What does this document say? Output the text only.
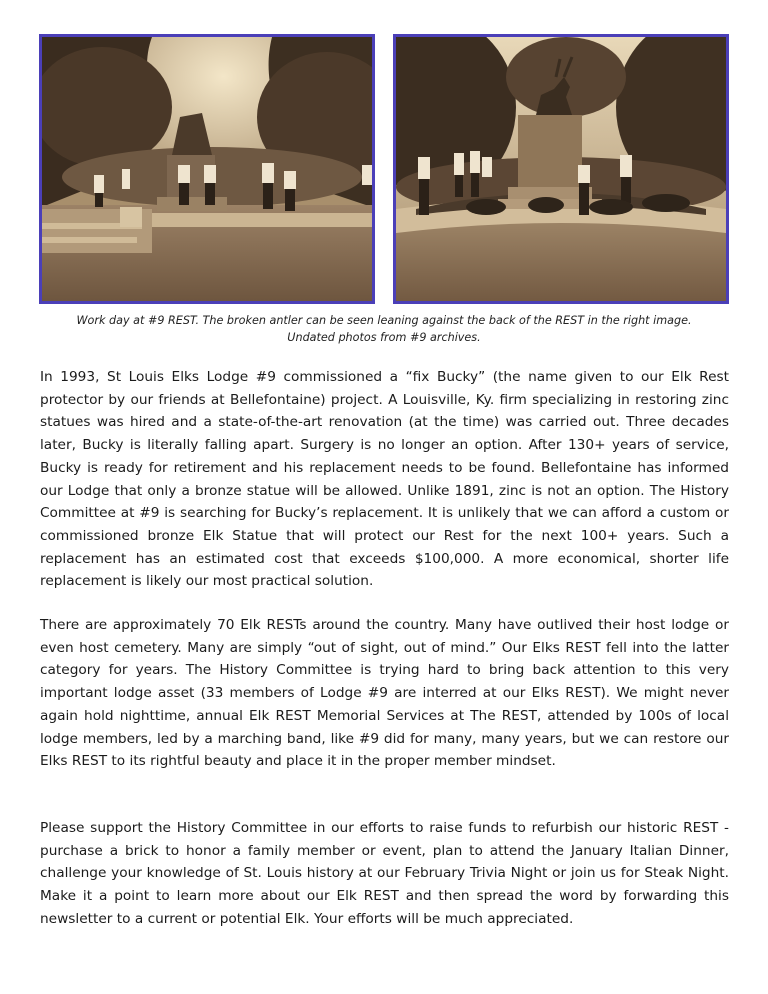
Work day at #9 REST. The broken antler can be seen leaning against the back of the REST in the right image.
Undated photos from #9 archives.

In 1993, St Louis Elks Lodge #9 commissioned a “fix Bucky” (the name given to our Elk Rest protector by our friends at Bellefontaine) project. A Louisville, Ky. firm specializing in restoring zinc statues was hired and a state-of-the-art renovation (at the time) was carried out. Three decades later, Bucky is literally falling apart. Surgery is no longer an option. After 130+ years of service, Bucky is ready for retirement and his replacement needs to be found. Bellefontaine has informed our Lodge that only a bronze statue will be allowed. Unlike 1891, zinc is not an option. The History Committee at #9 is searching for Bucky’s replacement. It is unlikely that we can afford a custom or commissioned bronze Elk Statue that will protect our Rest for the next 100+ years. Such a replacement has an estimated cost that exceeds $100,000. A more economical, shorter life replacement is likely our most practical solution.

There are approximately 70 Elk RESTs around the country. Many have outlived their host lodge or even host cemetery. Many are simply “out of sight, out of mind.” Our Elks REST fell into the latter category for years. The History Committee is trying hard to bring back attention to this very important lodge asset (33 members of Lodge #9 are interred at our Elks REST). We might never again hold nighttime, annual Elk REST Memorial Services at The REST, attended by 100s of local lodge members, led by a marching band, like #9 did for many, many years, but we can restore our Elks REST to its rightful beauty and place it in the proper member mindset.

Please support the History Committee in our efforts to raise funds to refurbish our historic REST - purchase a brick to honor a family member or event, plan to attend the January Italian Dinner, challenge your knowledge of St. Louis history at our February Trivia Night or join us for Steak Night. Make it a point to learn more about our Elk REST and then spread the word by forwarding this newsletter to a current or potential Elk. Your efforts will be much appreciated.
